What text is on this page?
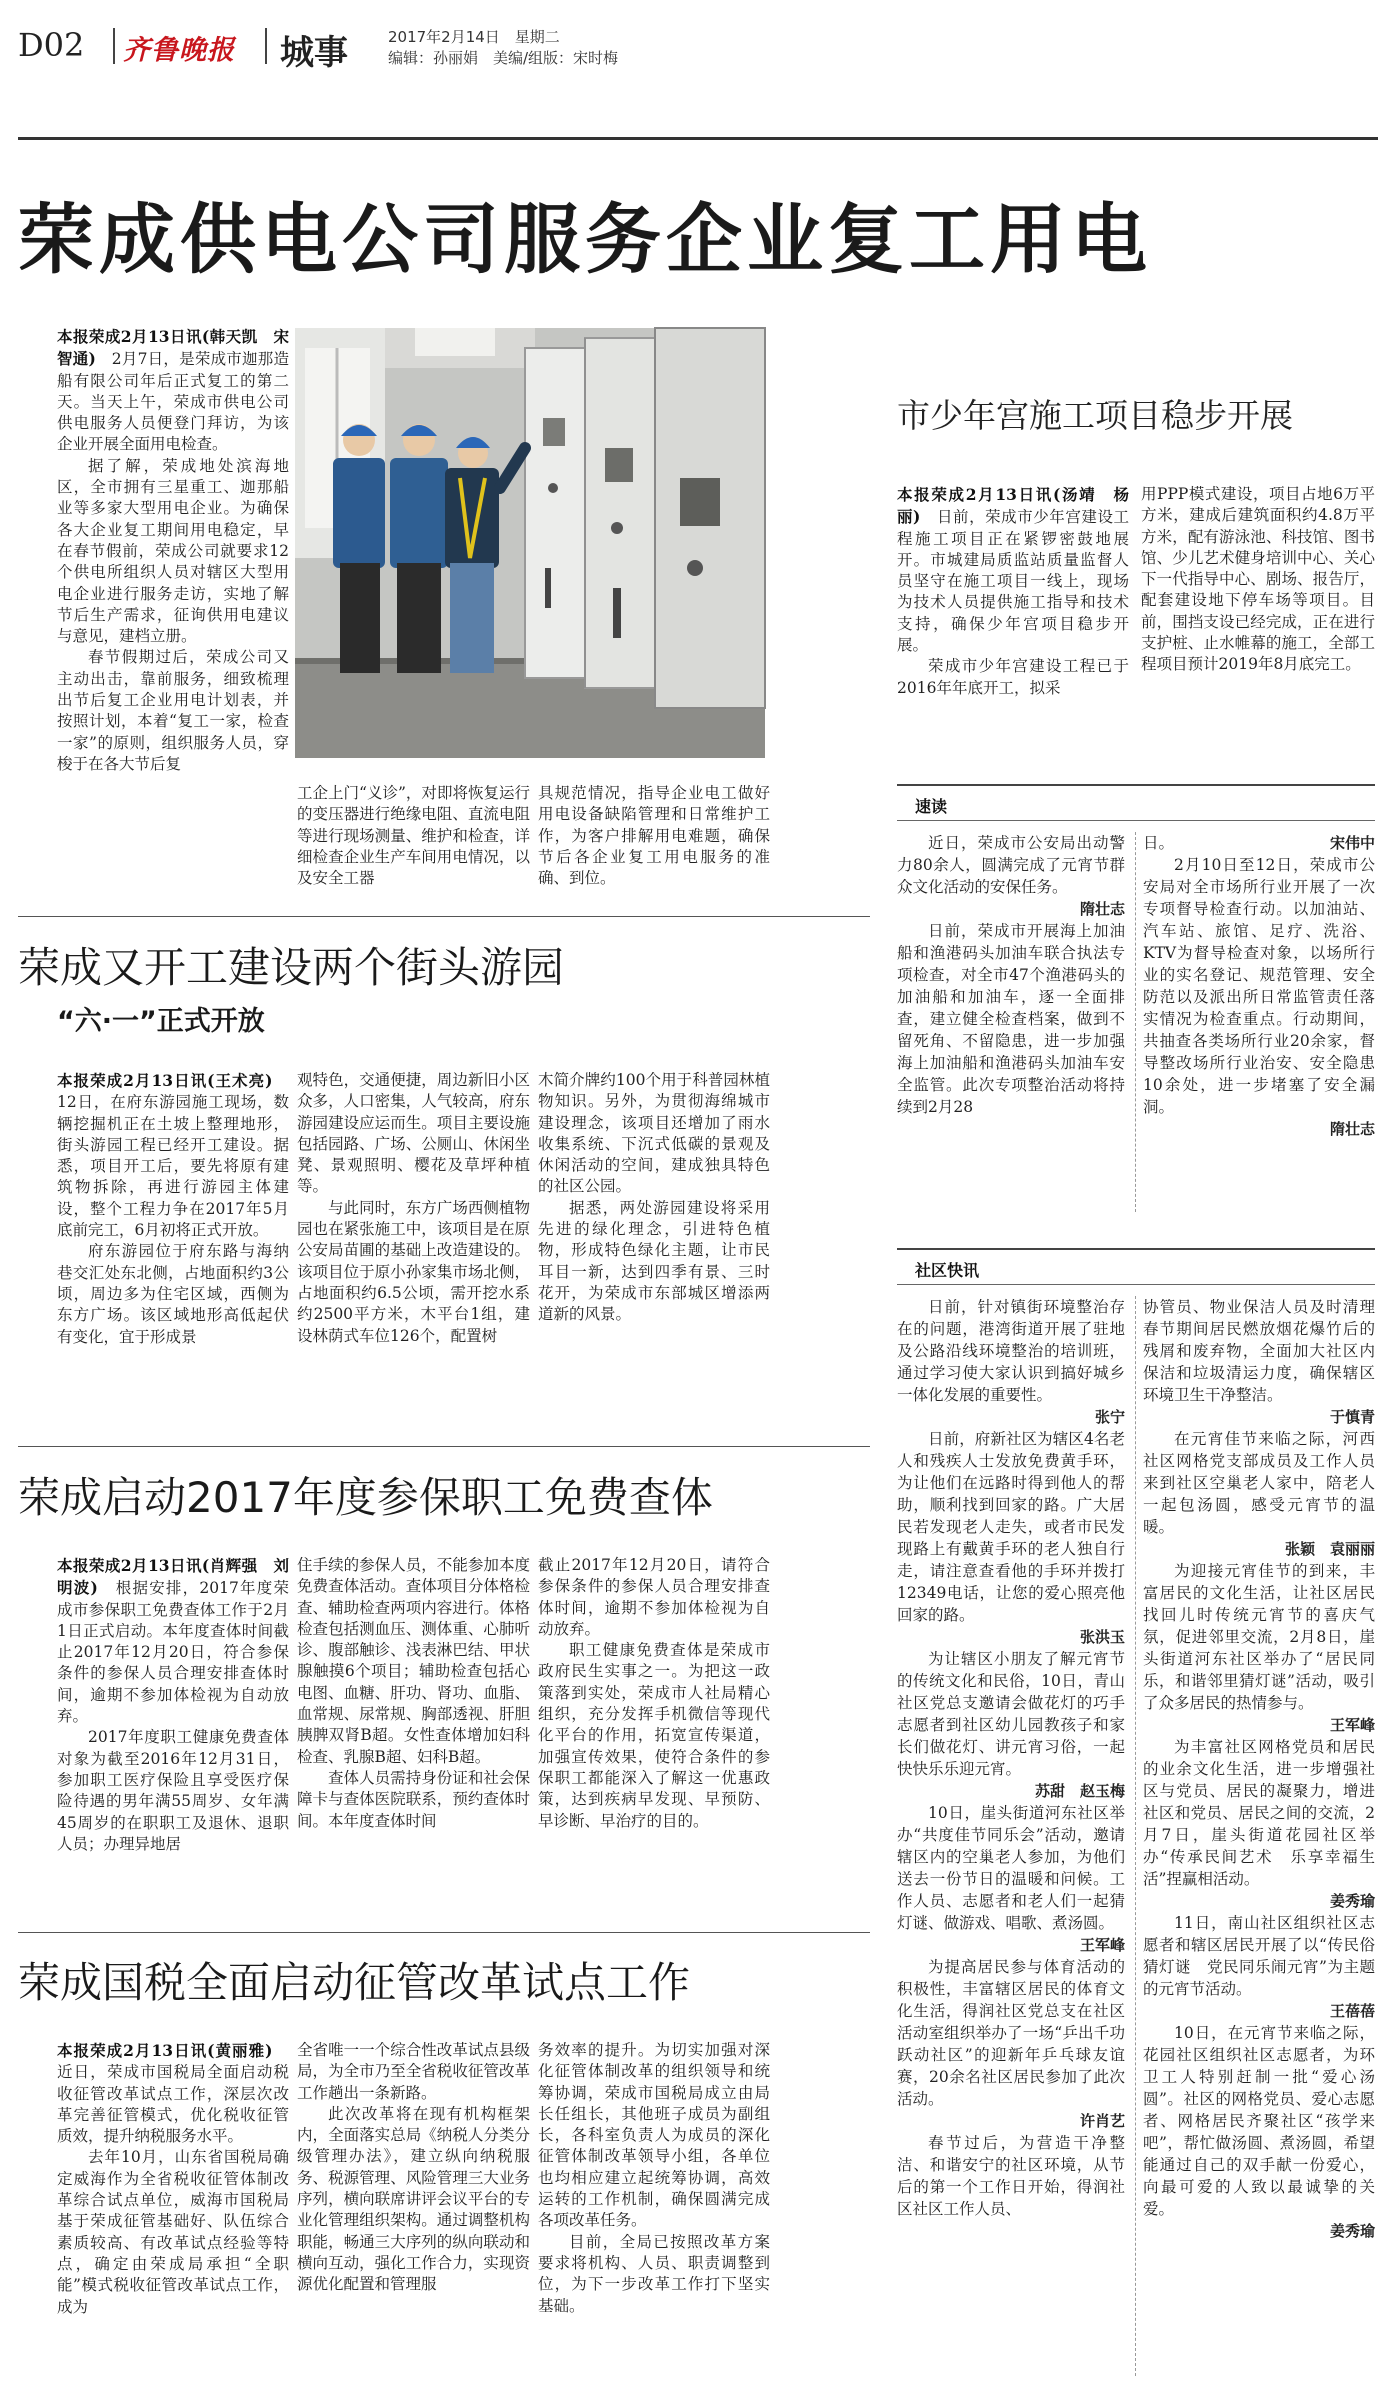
D02 齐鲁晚报 城事	2017年2月14日　星期二
编辑：孙丽娟　美编/组版：宋时梅
荣成供电公司服务企业复工用电

本报荣成2月13日讯(韩天凯　宋智通)　2月7日，是荣成市迦那造船有限公司年后正式复工的第二天。当天上午，荣成市供电公司供电服务人员便登门拜访，为该企业开展全面用电检查。

据了解，荣成地处滨海地区，全市拥有三星重工、迦那船业等多家大型用电企业。为确保各大企业复工期间用电稳定，早在春节假前，荣成公司就要求12个供电所组织人员对辖区大型用电企业进行服务走访，实地了解节后生产需求，征询供用电建议与意见，建档立册。

春节假期过后，荣成公司又主动出击，靠前服务，细致梳理出节后复工企业用电计划表，并按照计划，本着“复工一家，检查一家”的原则，组织服务人员，穿梭于在各大节后复

工企上门“义诊”，对即将恢复运行的变压器进行绝缘电阻、直流电阻等进行现场测量、维护和检查，详细检查企业生产车间用电情况，以及安全工器
具规范情况，指导企业电工做好用电设备缺陷管理和日常维护工作，为客户排解用电难题，确保节后各企业复工用电服务的准确、到位。
市少年宫施工项目稳步开展

本报荣成2月13日讯(汤靖　杨丽)　日前，荣成市少年宫建设工程施工项目正在紧锣密鼓地展开。市城建局质监站质量监督人员坚守在施工项目一线上，现场为技术人员提供施工指导和技术支持，确保少年宫项目稳步开展。

荣成市少年宫建设工程已于2016年年底开工，拟采

用PPP模式建设，项目占地6万平方米，建成后建筑面积约4.8万平方米，配有游泳池、科技馆、图书馆、少儿艺术健身培训中心、关心下一代指导中心、剧场、报告厅，配套建设地下停车场等项目。目前，围挡支设已经完成，正在进行支护桩、止水帷幕的施工，全部工程项目预计2019年8月底完工。
速读

近日，荣成市公安局出动警力80余人，圆满完成了元宵节群众文化活动的安保任务。

隋壮志

日前，荣成市开展海上加油船和渔港码头加油车联合执法专项检查，对全市47个渔港码头的加油船和加油车，逐一全面排查，建立健全检查档案，做到不留死角、不留隐患，进一步加强海上加油船和渔港码头加油车安全监管。此次专项整治活动将持续到2月28

日。	宋伟中

2月10日至12日，荣成市公安局对全市场所行业开展了一次专项督导检查行动。以加油站、汽车站、旅馆、足疗、洗浴、KTV为督导检查对象，以场所行业的实名登记、规范管理、安全防范以及派出所日常监管责任落实情况为检查重点。行动期间，共抽查各类场所行业20余家，督导整改场所行业治安、安全隐患10余处，进一步堵塞了安全漏洞。

隋壮志
荣成又开工建设两个街头游园
“六·一”正式开放

本报荣成2月13日讯(王术亮)　12日，在府东游园施工现场，数辆挖掘机正在土坡上整理地形，街头游园工程已经开工建设。据悉，项目开工后，要先将原有建筑物拆除，再进行游园主体建设，整个工程力争在2017年5月底前完工，6月初将正式开放。

府东游园位于府东路与海纳巷交汇处东北侧，占地面积约3公顷，周边多为住宅区域，西侧为东方广场。该区域地形高低起伏有变化，宜于形成景

观特色，交通便捷，周边新旧小区众多，人口密集，人气较高，府东游园建设应运而生。项目主要设施包括园路、广场、公厕山、休闲坐凳、景观照明、樱花及草坪种植等。

与此同时，东方广场西侧植物园也在紧张施工中，该项目是在原公安局苗圃的基础上改造建设的。该项目位于原小孙家集市场北侧，占地面积约6.5公顷，需开挖水系约2500平方米，木平台1组，建设林荫式车位126个，配置树

木简介牌约100个用于科普园林植物知识。另外，为贯彻海绵城市建设理念，该项目还增加了雨水收集系统、下沉式低碳的景观及休闲活动的空间，建成独具特色的社区公园。

据悉，两处游园建设将采用先进的绿化理念，引进特色植物，形成特色绿化主题，让市民耳目一新，达到四季有景、三时花开，为荣成市东部城区增添两道新的风景。

荣成启动2017年度参保职工免费查体

本报荣成2月13日讯(肖辉强　刘明波)　根据安排，2017年度荣成市参保职工免费查体工作于2月1日正式启动。本年度查体时间截止2017年12月20日，符合参保条件的参保人员合理安排查体时间，逾期不参加体检视为自动放弃。

2017年度职工健康免费查体对象为截至2016年12月31日，参加职工医疗保险且享受医疗保险待遇的男年满55周岁、女年满45周岁的在职职工及退休、退职人员；办理异地居

住手续的参保人员，不能参加本度免费查体活动。查体项目分体格检查、辅助检查两项内容进行。体格检查包括测血压、测体重、心肺听诊、腹部触诊、浅表淋巴结、甲状腺触摸6个项目；辅助检查包括心电图、血糖、肝功、肾功、血脂、血常规、尿常规、胸部透视、肝胆胰脾双肾B超。女性查体增加妇科检查、乳腺B超、妇科B超。

查体人员需持身份证和社会保障卡与查体医院联系，预约查体时间。本年度查体时间

截止2017年12月20日，请符合参保条件的参保人员合理安排查体时间，逾期不参加体检视为自动放弃。

职工健康免费查体是荣成市政府民生实事之一。为把这一政策落到实处，荣成市人社局精心组织，充分发挥手机微信等现代化平台的作用，拓宽宣传渠道，加强宣传效果，使符合条件的参保职工都能深入了解这一优惠政策，达到疾病早发现、早预防、早诊断、早治疗的目的。

荣成国税全面启动征管改革试点工作

本报荣成2月13日讯(黄丽雅)　近日，荣成市国税局全面启动税收征管改革试点工作，深层次改革完善征管模式，优化税收征管质效，提升纳税服务水平。

去年10月，山东省国税局确定威海作为全省税收征管体制改革综合试点单位，威海市国税局基于荣成征管基础好、队伍综合素质较高、有改革试点经验等特点，确定由荣成局承担“全职能”模式税收征管改革试点工作，成为

全省唯一一个综合性改革试点县级局，为全市乃至全省税收征管改革工作趟出一条新路。

此次改革将在现有机构框架内，全面落实总局《纳税人分类分级管理办法》，建立纵向纳税服务、税源管理、风险管理三大业务序列，横向联席讲评会议平台的专业化管理组织架构。通过调整机构职能，畅通三大序列的纵向联动和横向互动，强化工作合力，实现资源优化配置和管理服

务效率的提升。为切实加强对深化征管体制改革的组织领导和统筹协调，荣成市国税局成立由局长任组长，其他班子成员为副组长，各科室负责人为成员的深化征管体制改革领导小组，各单位也均相应建立起统筹协调，高效运转的工作机制，确保圆满完成各项改革任务。

目前，全局已按照改革方案要求将机构、人员、职责调整到位，为下一步改革工作打下坚实基础。

社区快讯

日前，针对镇街环境整治存在的问题，港湾街道开展了驻地及公路沿线环境整治的培训班，通过学习使大家认识到搞好城乡一体化发展的重要性。

张宁

日前，府新社区为辖区4名老人和残疾人士发放免费黄手环，为让他们在远路时得到他人的帮助，顺利找到回家的路。广大居民若发现老人走失，或者市民发现路上有戴黄手环的老人独自行走，请注意查看他的手环并拨打12349电话，让您的爱心照亮他回家的路。

张洪玉

为让辖区小朋友了解元宵节的传统文化和民俗，10日，青山社区党总支邀请会做花灯的巧手志愿者到社区幼儿园教孩子和家长们做花灯、讲元宵习俗，一起快快乐乐迎元宵。

苏甜　赵玉梅

10日，崖头街道河东社区举办“共度佳节同乐会”活动，邀请辖区内的空巢老人参加，为他们送去一份节日的温暖和问候。工作人员、志愿者和老人们一起猜灯谜、做游戏、唱歌、煮汤圆。

王军峰

为提高居民参与体育活动的积极性，丰富辖区居民的体育文化生活，得润社区党总支在社区活动室组织举办了一场“乒出千功　跃动社区”的迎新年乒乓球友谊赛，20余名社区居民参加了此次活动。

许肖艺

春节过后，为营造干净整洁、和谐安宁的社区环境，从节后的第一个工作日开始，得润社区社区工作人员、

协管员、物业保洁人员及时清理春节期间居民燃放烟花爆竹后的残屑和废弃物，全面加大社区内保洁和垃圾清运力度，确保辖区环境卫生干净整洁。

于慎青

在元宵佳节来临之际，河西社区网格党支部成员及工作人员来到社区空巢老人家中，陪老人一起包汤圆，感受元宵节的温暖。

张颖　袁丽丽

为迎接元宵佳节的到来，丰富居民的文化生活，让社区居民找回儿时传统元宵节的喜庆气氛，促进邻里交流，2月8日，崖头街道河东社区举办了“居民同乐，和谐邻里猜灯谜”活动，吸引了众多居民的热情参与。

王军峰

为丰富社区网格党员和居民的业余文化生活，进一步增强社区与党员、居民的凝聚力，增进社区和党员、居民之间的交流，2月7日，崖头街道花园社区举办“传承民间艺术　乐享幸福生活”捏赢相活动。

姜秀瑜

11日，南山社区组织社区志愿者和辖区居民开展了以“传民俗猜灯谜　党民同乐闹元宵”为主题的元宵节活动。

王蓓蓓

10日，在元宵节来临之际，花园社区组织社区志愿者，为环卫工人特别赶制一批“爱心汤圆”。社区的网格党员、爱心志愿者、网格居民齐聚社区“孩学来吧”，帮忙做汤圆、煮汤圆，希望能通过自己的双手献一份爱心，向最可爱的人致以最诚挚的关爱。

姜秀瑜
